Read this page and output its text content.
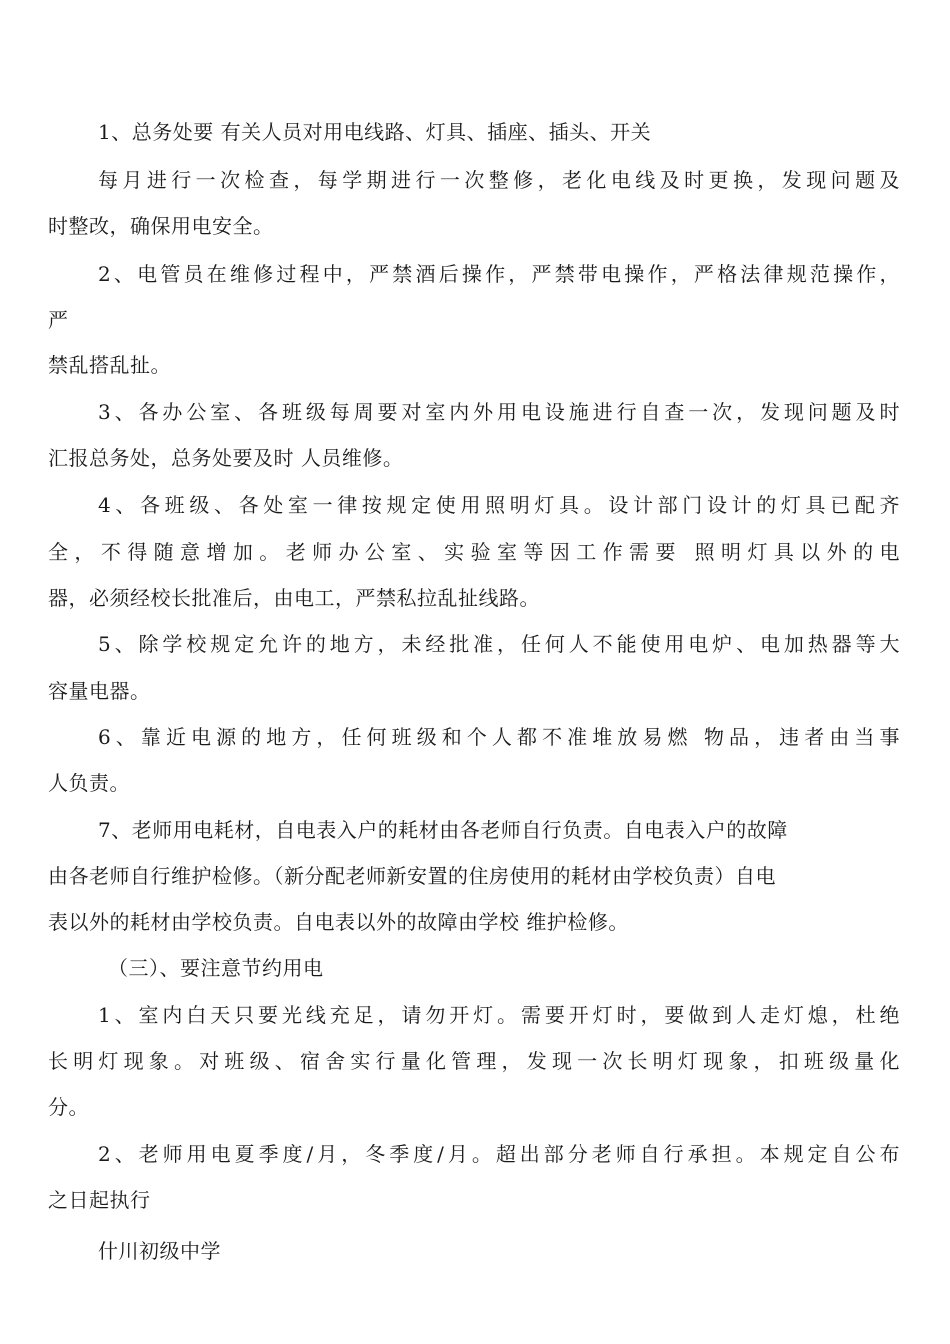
1、总务处要 有关人员对用电线路、灯具、插座、插头、开关
每月进行一次检查，每学期进行一次整修，老化电线及时更换，发现问题及
时整改，确保用电安全。
2、电管员在维修过程中，严禁酒后操作，严禁带电操作，严格法律规范操作，
严
禁乱搭乱扯。
3、各办公室、各班级每周要对室内外用电设施进行自查一次，发现问题及时
汇报总务处，总务处要及时 人员维修。
4、各班级、各处室一律按规定使用照明灯具。设计部门设计的灯具已配齐
全，不得随意增加。老师办公室、实验室等因工作需要 照明灯具以外的电
器，必须经校长批准后，由电工，严禁私拉乱扯线路。
5、除学校规定允许的地方，未经批准，任何人不能使用电炉、电加热器等大
容量电器。
6、靠近电源的地方，任何班级和个人都不准堆放易燃 物品，违者由当事
人负责。
7、老师用电耗材，自电表入户的耗材由各老师自行负责。自电表入户的故障
由各老师自行维护检修。（新分配老师新安置的住房使用的耗材由学校负责）自电
表以外的耗材由学校负责。自电表以外的故障由学校 维护检修。
（三）、要注意节约用电
1、室内白天只要光线充足，请勿开灯。需要开灯时，要做到人走灯熄，杜绝
长明灯现象。对班级、宿舍实行量化管理，发现一次长明灯现象，扣班级量化
分。
2、老师用电夏季度/月，冬季度/月。超出部分老师自行承担。本规定自公布
之日起执行
什川初级中学
